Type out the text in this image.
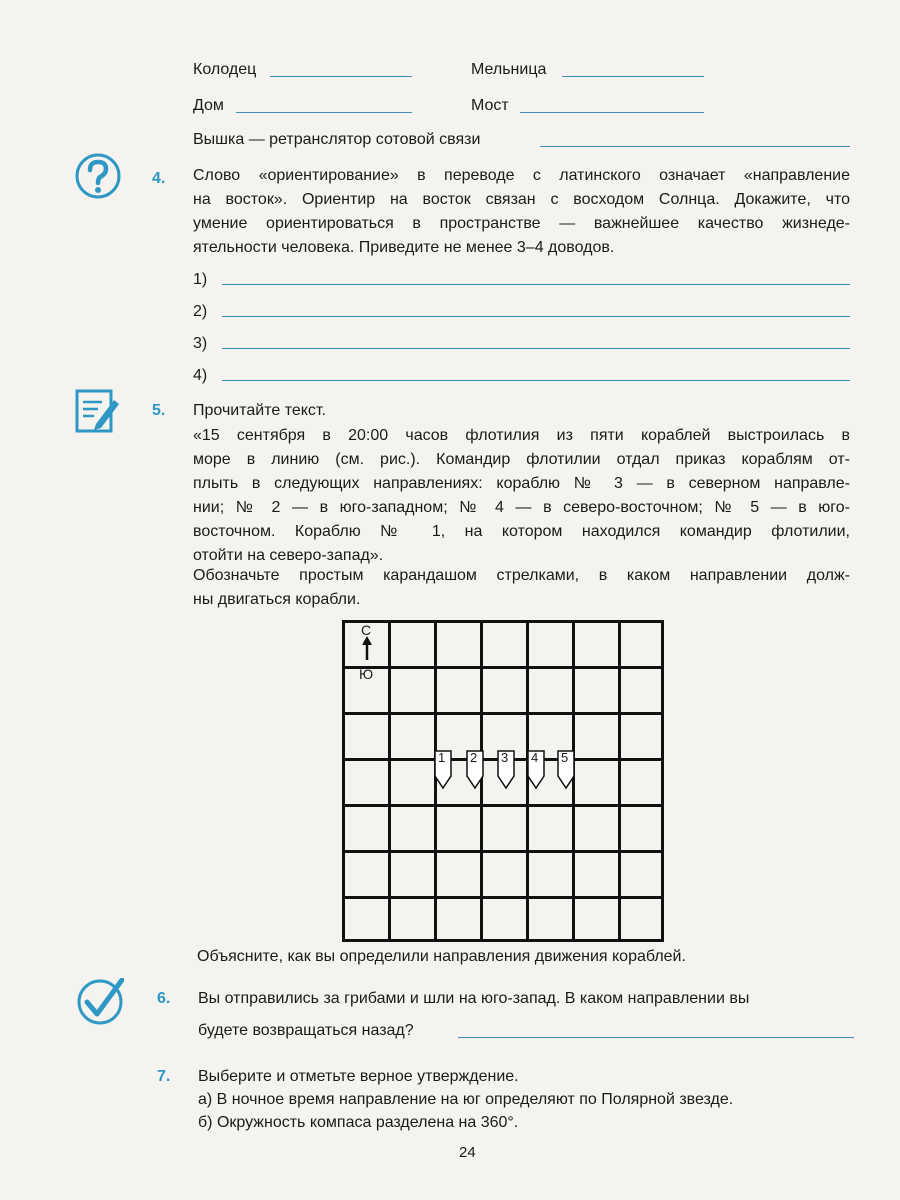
Колодец	Мельница
Дом	Мост
Вышка — ретранслятор сотовой связи
4. Слово «ориентирование» в переводе с латинского означает «направление
на восток». Ориентир на восток связан с восходом Солнца. Докажите, что
умение ориентироваться в пространстве — важнейшее качество жизнеде-
ятельности человека. Приведите не менее 3–4 доводов.
1)
2)
3)
4)
5. Прочитайте текст.
«15 сентября в 20:00 часов флотилия из пяти кораблей выстроилась в
море в линию (см. рис.). Командир флотилии отдал приказ кораблям от-
плыть в следующих направлениях: кораблю № 3 — в северном направле-
нии; № 2 — в юго-западном; № 4 — в северо-восточном; № 5 — в юго-
восточном. Кораблю № 1, на котором находился командир флотилии,
отойти на северо-запад».
Обозначьте простым карандашом стрелками, в каком направлении долж-
ны двигаться корабли.
С
Ю
1 2 3 4 5
Объясните, как вы определили направления движения кораблей.
6. Вы отправились за грибами и шли на юго-запад. В каком направлении вы
будете возвращаться назад?
7. Выберите и отметьте верное утверждение.
а) В ночное время направление на юг определяют по Полярной звезде.
б) Окружность компаса разделена на 360°.
24
